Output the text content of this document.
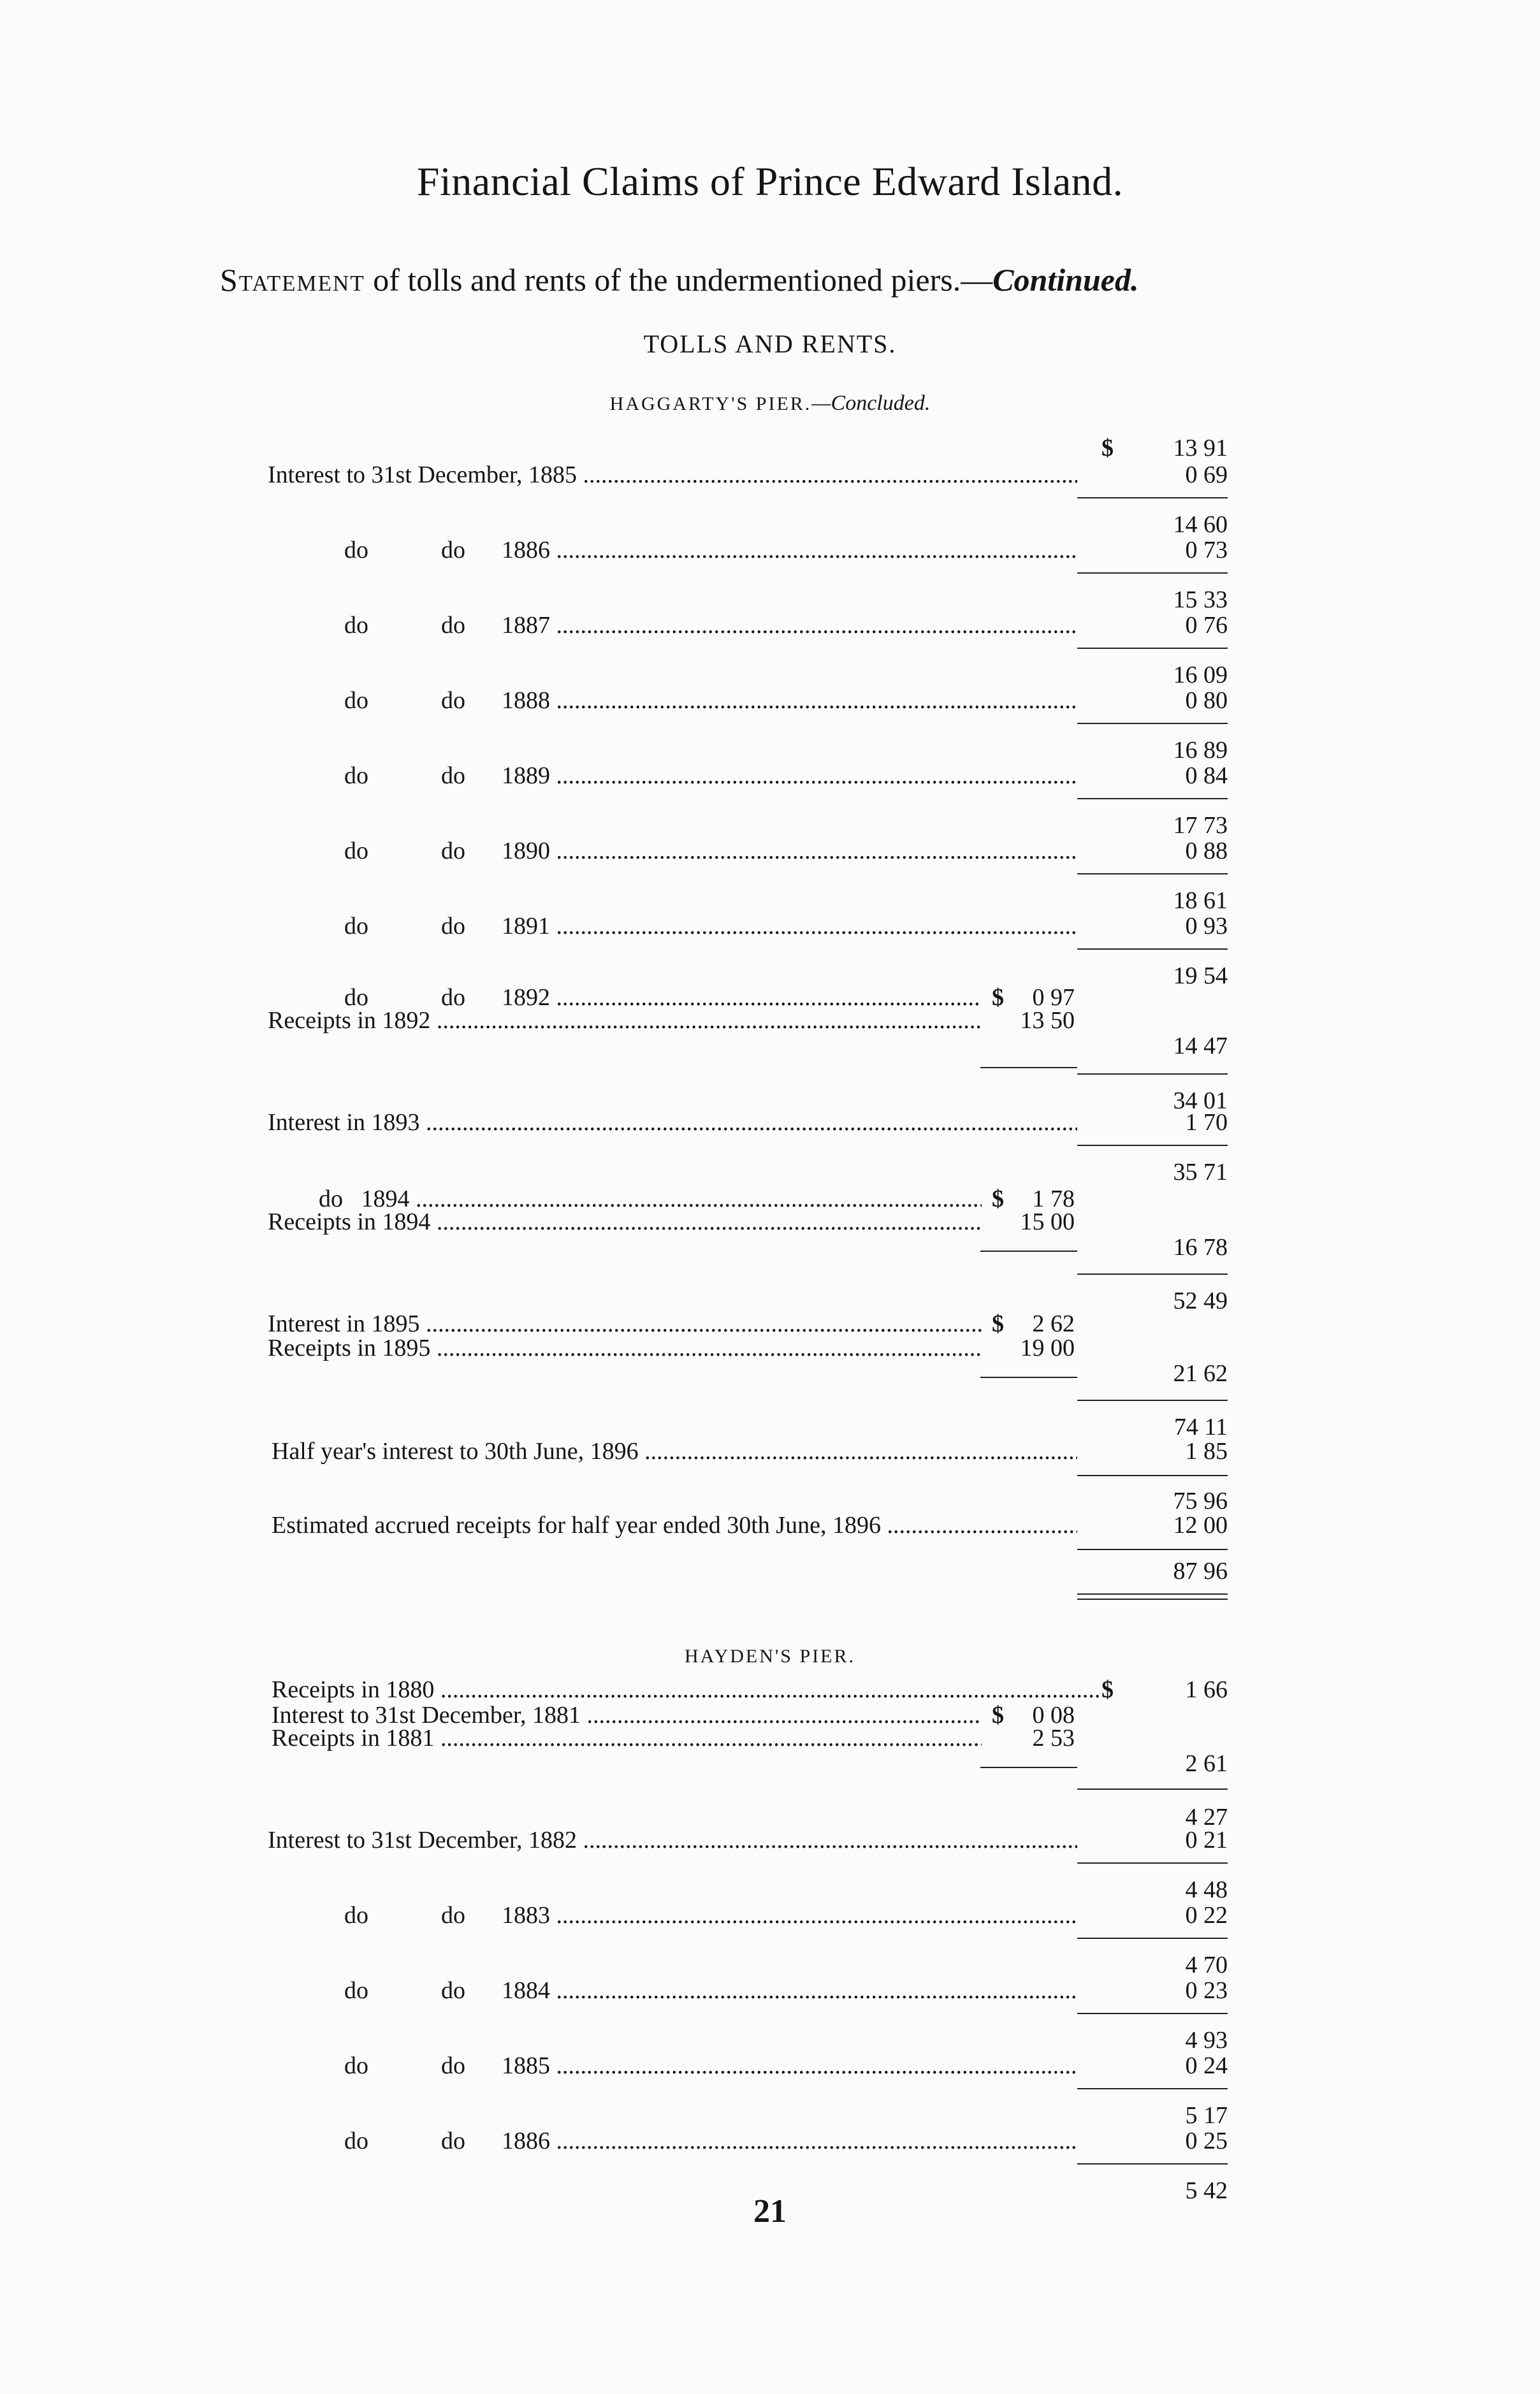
Financial Claims of Prince Edward Island.
Statement of tolls and rents of the undermentioned piers.—Continued.
TOLLS AND RENTS.
HAGGARTY'S PIER.—Concluded.
$ 13 91
Interest to 31st December, 1885 .....	0 69
14 60
do            do      1886 .....	0 73
15 33
do            do      1887 .....	0 76
16 09
do            do      1888 .....	0 80
16 89
do            do      1889 .....	0 84
17 73
do            do      1890 .....	0 88
18 61
do            do      1891 .....	0 93
19 54
do            do      1892 .....	$ 0 97
Receipts in 1892 .....	13 50
14 47
34 01
Interest in 1893 .....	1 70
35 71
do   1894 .....	$ 1 78
Receipts in 1894 .....	15 00
16 78
52 49
Interest in 1895 .....	$ 2 62
Receipts in 1895 .....	19 00
21 62
74 11
Half year's interest to 30th June, 1896 .....	1 85
75 96
Estimated accrued receipts for half year ended 30th June, 1896 .....	12 00
87 96
HAYDEN'S PIER.
Receipts in 1880 .....	$	1 66
Interest to 31st December, 1881 .....	$ 0 08
Receipts in 1881 .....	2 53
2 61
4 27
Interest to 31st December, 1882 .....	0 21
4 48
do            do      1883 .....	0 22
4 70
do            do      1884 .....	0 23
4 93
do            do      1885 .....	0 24
5 17
do            do      1886 .....	0 25
5 42
21
